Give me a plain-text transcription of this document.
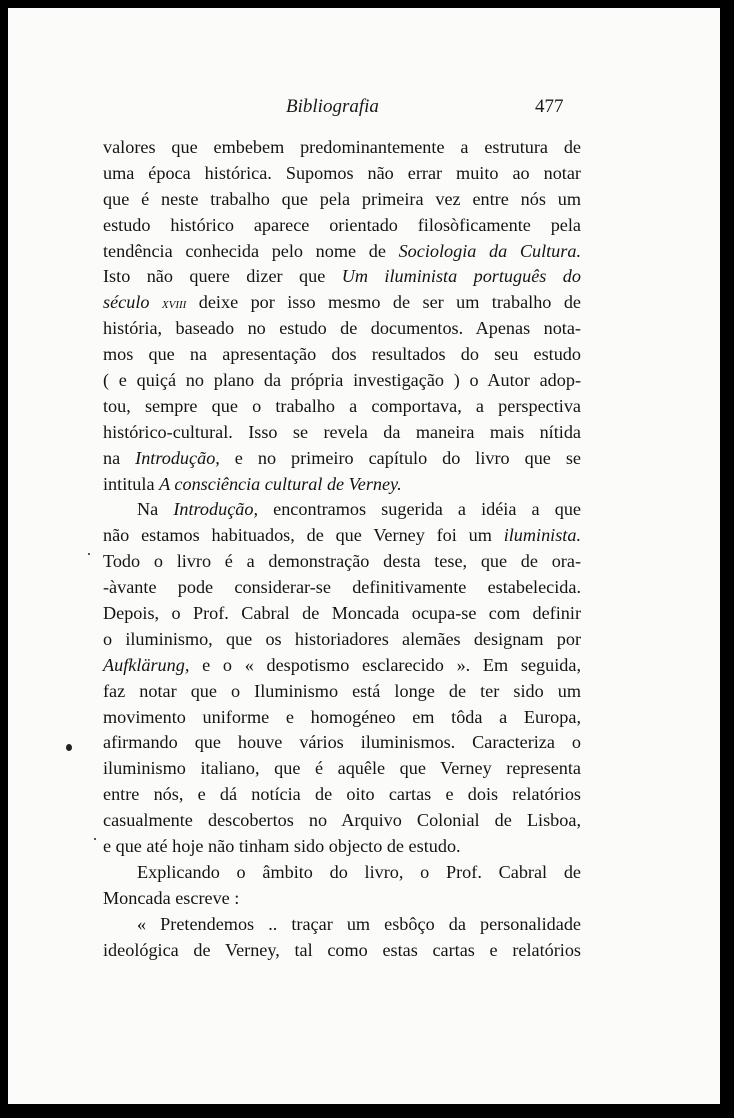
Bibliografia	477
valores que embebem predominantemente a estrutura de
uma época histórica. Supomos não errar muito ao notar
que é neste trabalho que pela primeira vez entre nós um
estudo histórico aparece orientado filosòficamente pela
tendência conhecida pelo nome de Sociologia da Cultura.
Isto não quere dizer que Um iluminista português do
século xviii deixe por isso mesmo de ser um trabalho de
história, baseado no estudo de documentos. Apenas nota-
mos que na apresentação dos resultados do seu estudo
( e quiçá no plano da própria investigação ) o Autor adop-
tou, sempre que o trabalho a comportava, a perspectiva
histórico-cultural. Isso se revela da maneira mais nítida
na Introdução, e no primeiro capítulo do livro que se
intitula A consciência cultural de Verney.
Na Introdução, encontramos sugerida a idéia a que
não estamos habituados, de que Verney foi um iluminista.
Todo o livro é a demonstração desta tese, que de ora-
-àvante pode considerar-se definitivamente estabelecida.
Depois, o Prof. Cabral de Moncada ocupa-se com definir
o iluminismo, que os historiadores alemães designam por
Aufklärung, e o « despotismo esclarecido ». Em seguida,
faz notar que o Iluminismo está longe de ter sido um
movimento uniforme e homogéneo em tôda a Europa,
afirmando que houve vários iluminismos. Caracteriza o
iluminismo italiano, que é aquêle que Verney representa
entre nós, e dá notícia de oito cartas e dois relatórios
casualmente descobertos no Arquivo Colonial de Lisboa,
e que até hoje não tinham sido objecto de estudo.
Explicando o âmbito do livro, o Prof. Cabral de
Moncada escreve :
« Pretendemos .. traçar um esbôço da personalidade
ideológica de Verney, tal como estas cartas e relatórios
